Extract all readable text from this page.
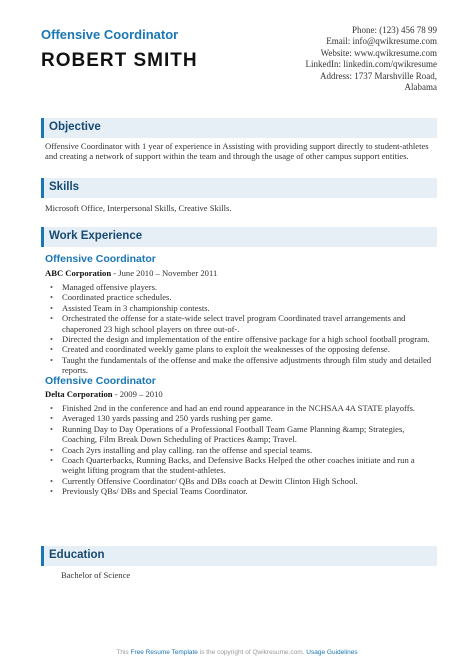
Offensive Coordinator
ROBERT SMITH
Phone: (123) 456 78 99
Email: info@qwikresume.com
Website: www.qwikresume.com
LinkedIn: linkedin.com/qwikresume
Address: 1737 Marshville Road,
Alabama
Objective
Offensive Coordinator with 1 year of experience in Assisting with providing support directly to student-athletes and creating a network of support within the team and through the usage of other campus support entities.
Skills
Microsoft Office, Interpersonal Skills, Creative Skills.
Work Experience
Offensive Coordinator
ABC Corporation - June 2010 – November 2011
• Managed offensive players.
• Coordinated practice schedules.
• Assisted Team in 3 championship contests.
• Orchestrated the offense for a state-wide select travel program Coordinated travel arrangements and chaperoned 23 high school players on three out-of-.
• Directed the design and implementation of the entire offensive package for a high school football program.
• Created and coordinated weekly game plans to exploit the weaknesses of the opposing defense.
• Taught the fundamentals of the offense and make the offensive adjustments through film study and detailed reports.
Offensive Coordinator
Delta Corporation - 2009 – 2010
• Finished 2nd in the conference and had an end round appearance in the NCHSAA 4A STATE playoffs.
• Averaged 130 yards passing and 250 yards rushing per game.
• Running Day to Day Operations of a Professional Football Team Game Planning &amp; Strategies, Coaching, Film Break Down Scheduling of Practices &amp; Travel.
• Coach 2yrs installing and play calling. ran the offense and special teams.
• Coach Quarterbacks, Running Backs, and Defensive Backs Helped the other coaches initiate and run a weight lifting program that the student-athletes.
• Currently Offensive Coordinator/ QBs and DBs coach at Dewitt Clinton High School.
• Previously QBs/ DBs and Special Teams Coordinator.
Education
Bachelor of Science
This Free Resume Template is the copyright of Qwikresume.com. Usage Guidelines
